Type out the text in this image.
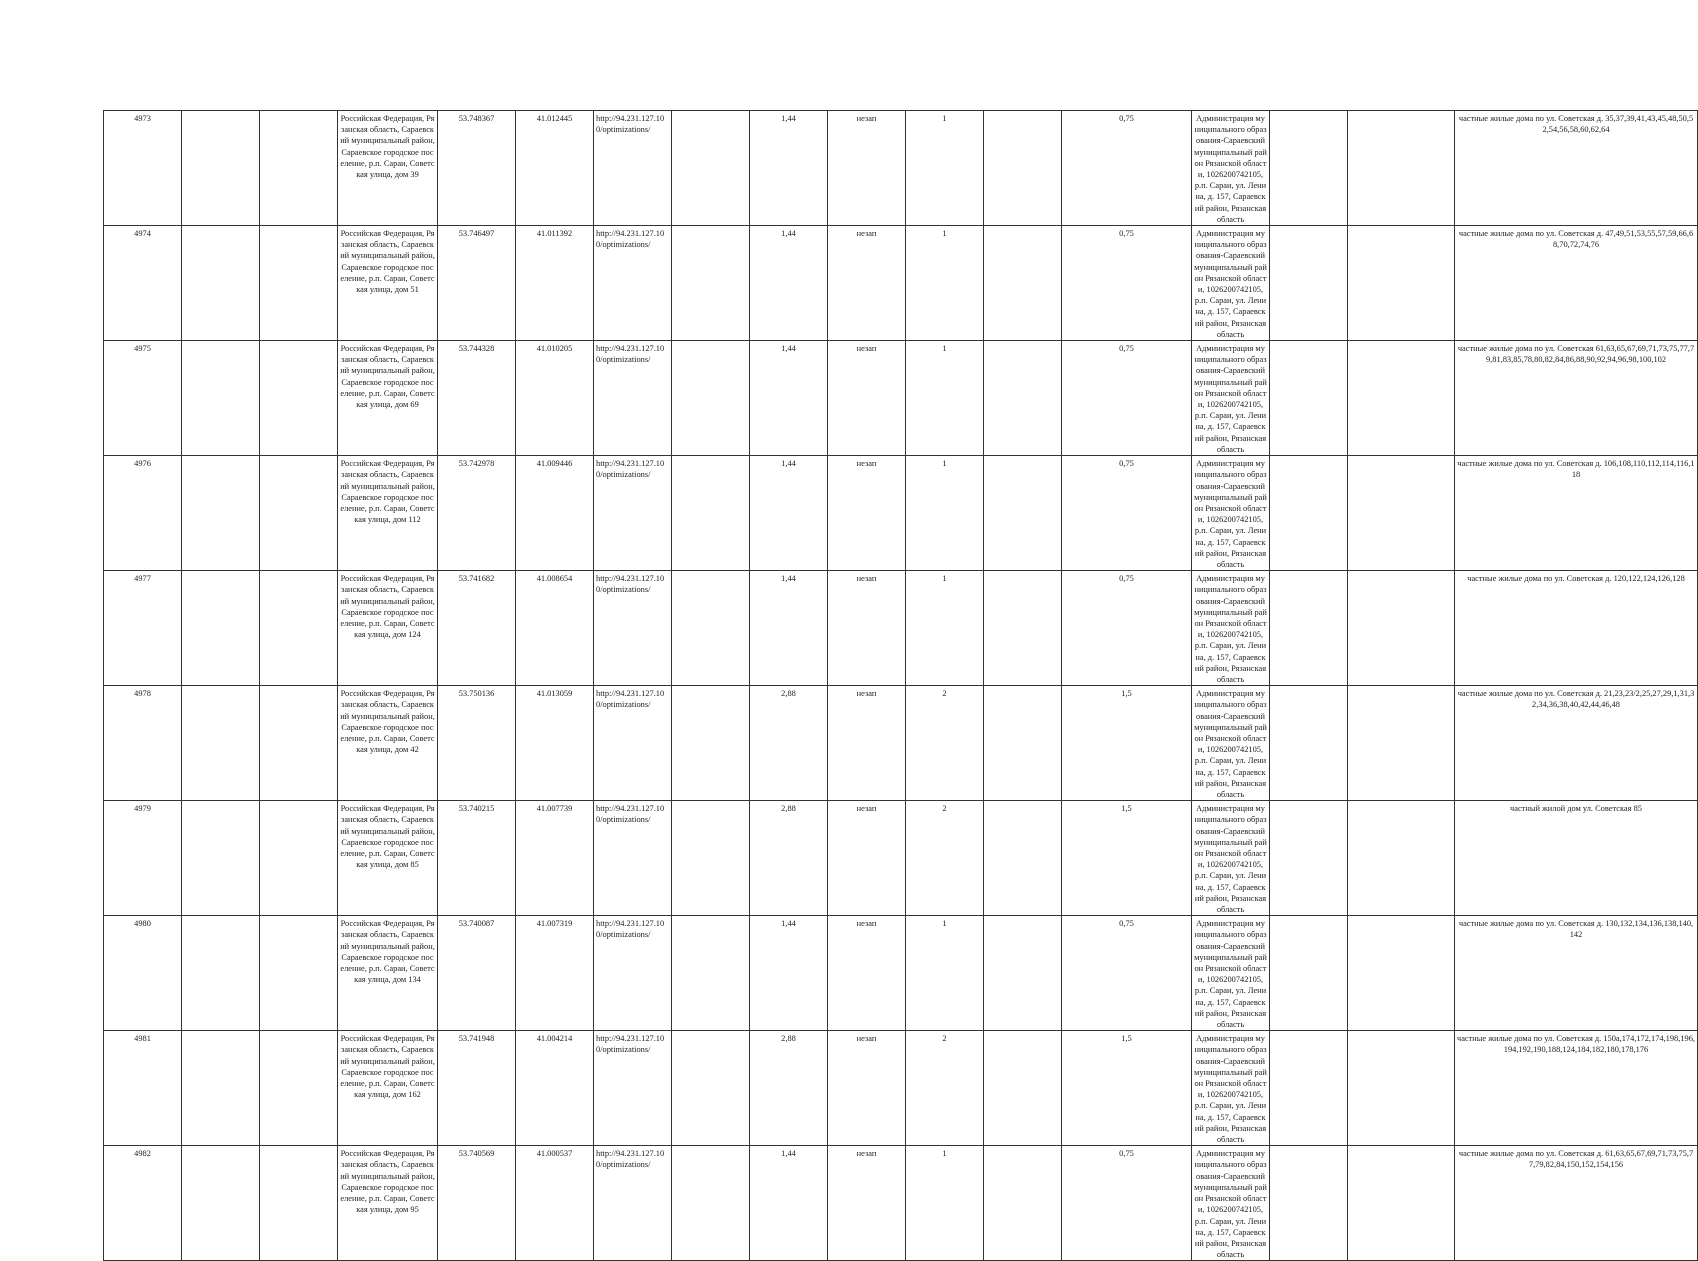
4973			Российская Федерация, Рязанская область, Сараевский муниципальный район, Сараевское городское поселение, р.п. Сараи, Советская улица, дом 39	53.748367	41.012445	http://94.231.127.100/optimizations/		1,44	незап	1		0,75	Администрация муниципального образования-Сараевский муниципальный район Рязанской области, 1026200742105, р.п. Сараи, ул. Ленина, д. 157, Сараевский район, Рязанская область			частные жилые дома по ул. Советская д. 35,37,39,41,43,45,48,50,52,54,56,58,60,62,64
4974			Российская Федерация, Рязанская область, Сараевский муниципальный район, Сараевское городское поселение, р.п. Сараи, Советская улица, дом 51	53.746497	41.011392	http://94.231.127.100/optimizations/		1,44	незап	1		0,75	Администрация муниципального образования-Сараевский муниципальный район Рязанской области, 1026200742105, р.п. Сараи, ул. Ленина, д. 157, Сараевский район, Рязанская область			частные жилые дома по ул. Советская д. 47,49,51,53,55,57,59,66,68,70,72,74,76
4975			Российская Федерация, Рязанская область, Сараевский муниципальный район, Сараевское городское поселение, р.п. Сараи, Советская улица, дом 69	53.744328	41.010205	http://94.231.127.100/optimizations/		1,44	незап	1		0,75	Администрация муниципального образования-Сараевский муниципальный район Рязанской области, 1026200742105, р.п. Сараи, ул. Ленина, д. 157, Сараевский район, Рязанская область			частные жилые дома по ул. Советская 61,63,65,67,69,71,73,75,77,79,81,83,85,78,80,82,84,86,88,90,92,94,96,98,100,102
4976			Российская Федерация, Рязанская область, Сараевский муниципальный район, Сараевское городское поселение, р.п. Сараи, Советская улица, дом 112	53.742978	41.009446	http://94.231.127.100/optimizations/		1,44	незап	1		0,75	Администрация муниципального образования-Сараевский муниципальный район Рязанской области, 1026200742105, р.п. Сараи, ул. Ленина, д. 157, Сараевский район, Рязанская область			частные жилые дома по ул. Советская д. 106,108,110,112,114,116,118
4977			Российская Федерация, Рязанская область, Сараевский муниципальный район, Сараевское городское поселение, р.п. Сараи, Советская улица, дом 124	53.741682	41.008654	http://94.231.127.100/optimizations/		1,44	незап	1		0,75	Администрация муниципального образования-Сараевский муниципальный район Рязанской области, 1026200742105, р.п. Сараи, ул. Ленина, д. 157, Сараевский район, Рязанская область			частные жилые дома по ул. Советская д. 120,122,124,126,128
4978			Российская Федерация, Рязанская область, Сараевский муниципальный район, Сараевское городское поселение, р.п. Сараи, Советская улица, дом 42	53.750136	41.013059	http://94.231.127.100/optimizations/		2,88	незап	2		1,5	Администрация муниципального образования-Сараевский муниципальный район Рязанской области, 1026200742105, р.п. Сараи, ул. Ленина, д. 157, Сараевский район, Рязанская область			частные жилые дома по ул. Советская д. 21,23,23/2,25,27,29,1,31,32,34,36,38,40,42,44,46,48
4979			Российская Федерация, Рязанская область, Сараевский муниципальный район, Сараевское городское поселение, р.п. Сараи, Советская улица, дом 85	53.740215	41.007739	http://94.231.127.100/optimizations/		2,88	незап	2		1,5	Администрация муниципального образования-Сараевский муниципальный район Рязанской области, 1026200742105, р.п. Сараи, ул. Ленина, д. 157, Сараевский район, Рязанская область			частный жилой дом ул. Советская 85
4980			Российская Федерация, Рязанская область, Сараевский муниципальный район, Сараевское городское поселение, р.п. Сараи, Советская улица, дом 134	53.740087	41.007319	http://94.231.127.100/optimizations/		1,44	незап	1		0,75	Администрация муниципального образования-Сараевский муниципальный район Рязанской области, 1026200742105, р.п. Сараи, ул. Ленина, д. 157, Сараевский район, Рязанская область			частные жилые дома по ул. Советская д. 130,132,134,136,138,140,142
4981			Российская Федерация, Рязанская область, Сараевский муниципальный район, Сараевское городское поселение, р.п. Сараи, Советская улица, дом 162	53.741948	41.004214	http://94.231.127.100/optimizations/		2,88	незап	2		1,5	Администрация муниципального образования-Сараевский муниципальный район Рязанской области, 1026200742105, р.п. Сараи, ул. Ленина, д. 157, Сараевский район, Рязанская область			частные жилые дома по ул. Советская д. 150а,174,172,174,198,196,194,192,190,188,124,184,182,180,178,176
4982			Российская Федерация, Рязанская область, Сараевский муниципальный район, Сараевское городское поселение, р.п. Сараи, Советская улица, дом 95	53.740569	41.000537	http://94.231.127.100/optimizations/		1,44	незап	1		0,75	Администрация муниципального образования-Сараевский муниципальный район Рязанской области, 1026200742105, р.п. Сараи, ул. Ленина, д. 157, Сараевский район, Рязанская область			частные жилые дома по ул. Советская д. 61,63,65,67,69,71,73,75,77,79,82,84,150,152,154,156
